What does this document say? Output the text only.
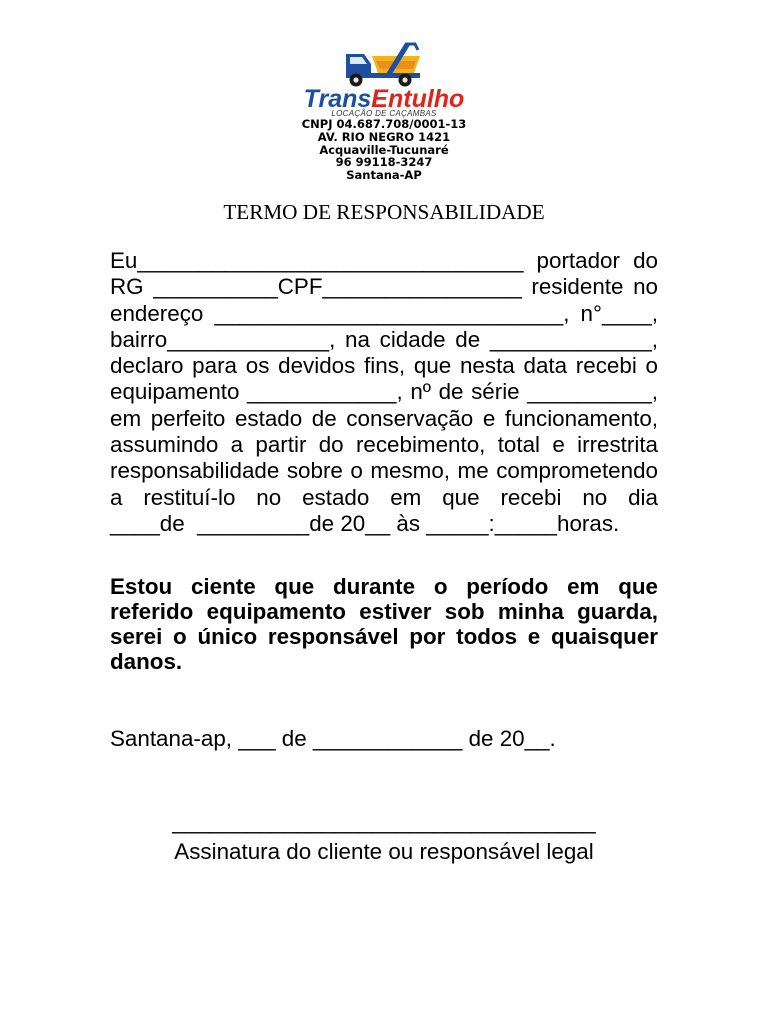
TransEntulho
LOCAÇÃO DE CAÇAMBAS
CNPJ 04.687.708/0001-13
AV. RIO NEGRO 1421
Acquaville-Tucunaré
96 99118-3247
Santana-AP
TERMO DE RESPONSABILIDADE
Eu_______________________________ portador do
RG __________CPF________________ residente no
endereço ____________________________, n°____,
bairro_____________, na cidade de _____________,
declaro para os devidos fins, que nesta data recebi o
equipamento ____________, nº de série __________,
em perfeito estado de conservação e funcionamento,
assumindo a partir do recebimento, total e irrestrita
responsabilidade sobre o mesmo, me comprometendo
a restituí-lo no estado em que recebi no dia
____de  _________de 20__ às _____:_____horas.
Estou ciente que durante o período em que
referido equipamento estiver sob minha guarda,
serei o único responsável por todos e quaisquer
danos.
Santana-ap, ___ de ____________ de 20__.
__________________________________
Assinatura do cliente ou responsável legal
